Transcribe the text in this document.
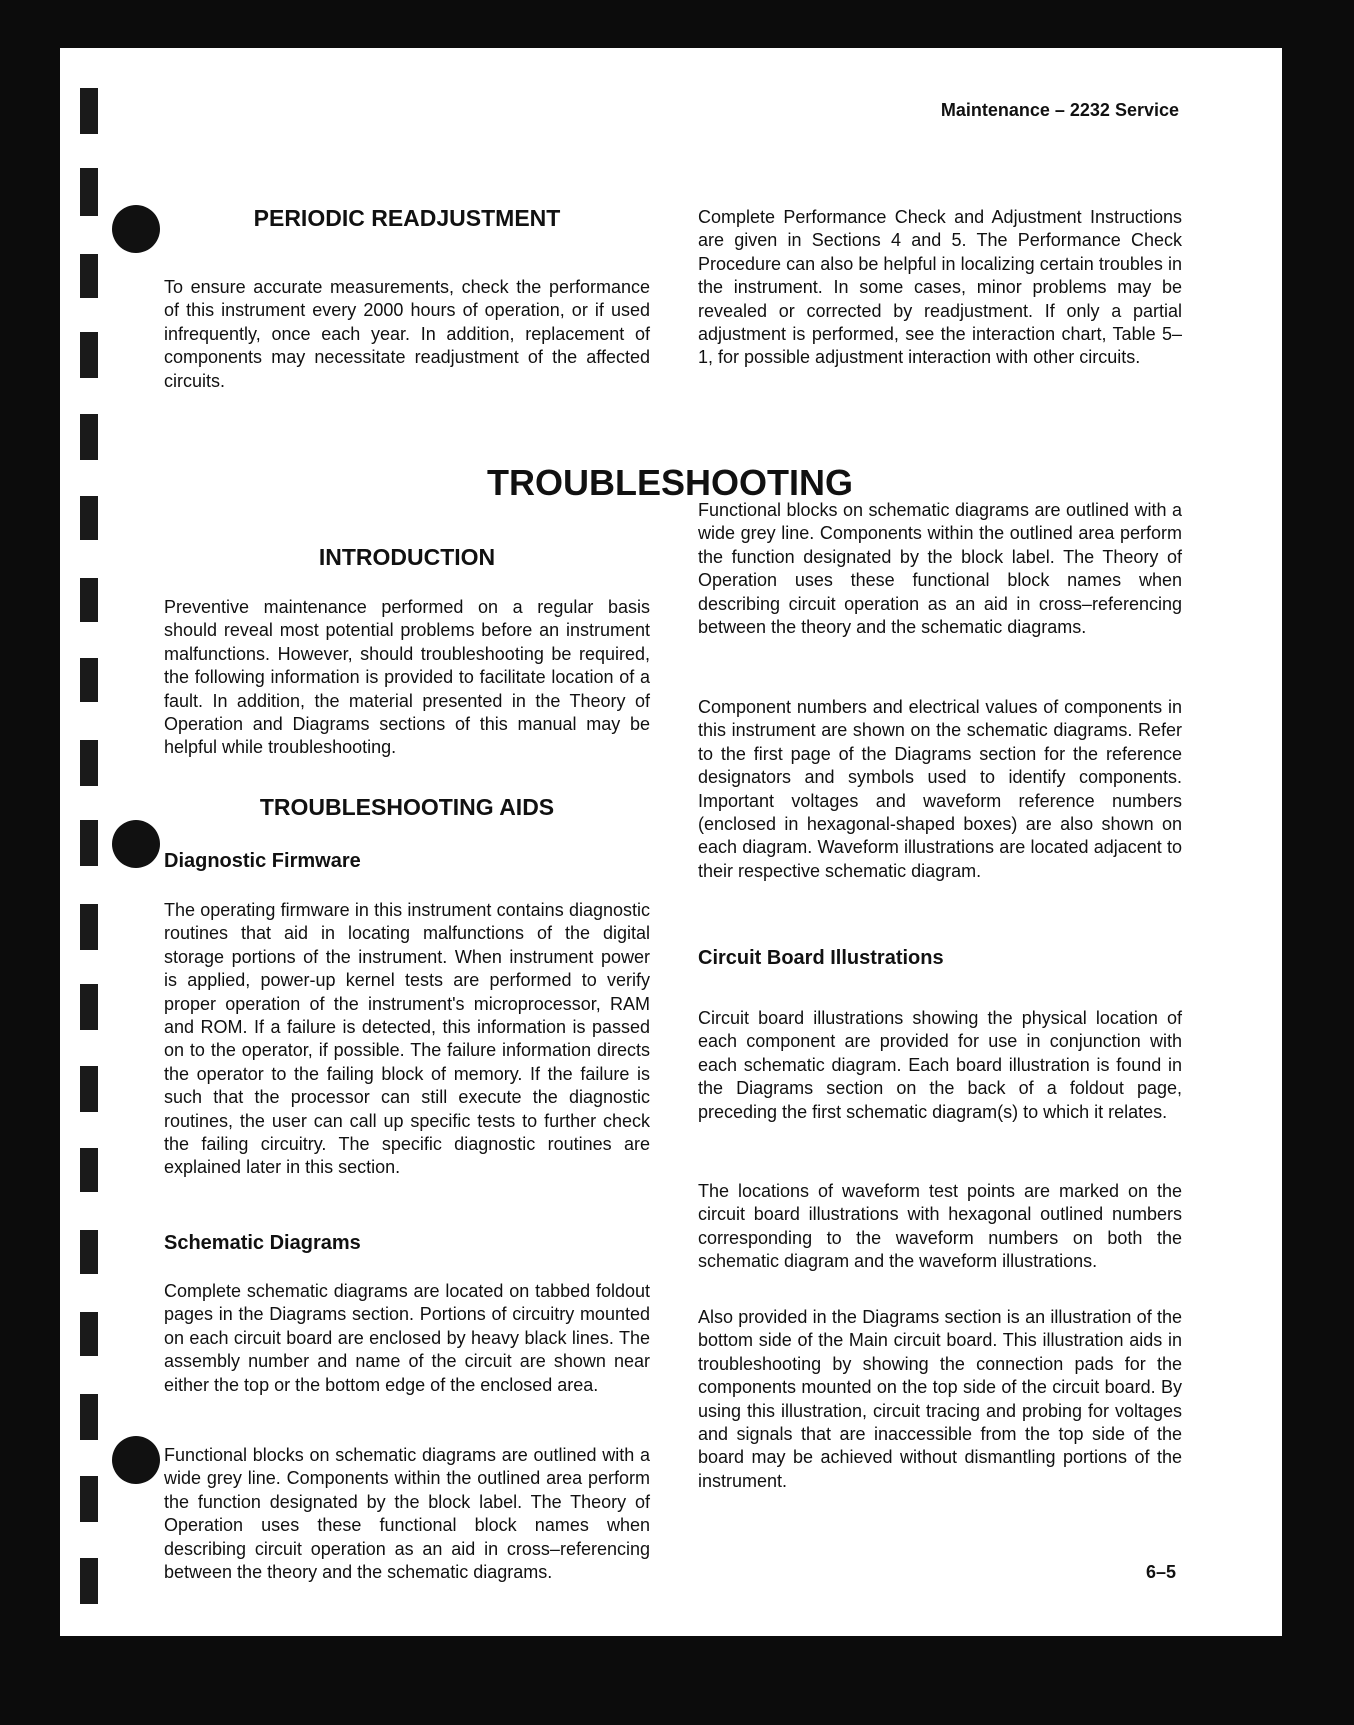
Maintenance – 2232 Service
PERIODIC READJUSTMENT

To ensure accurate measurements, check the performance of this instrument every 2000 hours of operation, or if used infrequently, once each year. In addition, replacement of components may necessitate readjustment of the affected circuits.

Complete Performance Check and Adjustment Instructions are given in Sections 4 and 5. The Performance Check Procedure can also be helpful in localizing certain troubles in the instrument. In some cases, minor problems may be revealed or corrected by readjustment. If only a partial adjustment is performed, see the interaction chart, Table 5–1, for possible adjustment interaction with other circuits.

TROUBLESHOOTING
INTRODUCTION

Preventive maintenance performed on a regular basis should reveal most potential problems before an instrument malfunctions. However, should troubleshooting be required, the following information is provided to facilitate location of a fault. In addition, the material presented in the Theory of Operation and Diagrams sections of this manual may be helpful while troubleshooting.

TROUBLESHOOTING AIDS
Diagnostic Firmware

The operating firmware in this instrument contains diagnostic routines that aid in locating malfunctions of the digital storage portions of the instrument. When instrument power is applied, power-up kernel tests are performed to verify proper operation of the instrument's microprocessor, RAM and ROM. If a failure is detected, this information is passed on to the operator, if possible. The failure information directs the operator to the failing block of memory. If the failure is such that the processor can still execute the diagnostic routines, the user can call up specific tests to further check the failing circuitry. The specific diagnostic routines are explained later in this section.

Schematic Diagrams

Complete schematic diagrams are located on tabbed foldout pages in the Diagrams section. Portions of circuitry mounted on each circuit board are enclosed by heavy black lines. The assembly number and name of the circuit are shown near either the top or the bottom edge of the enclosed area.

Functional blocks on schematic diagrams are outlined with a wide grey line. Components within the outlined area perform the function designated by the block label. The Theory of Operation uses these functional block names when describing circuit operation as an aid in cross–referencing between the theory and the schematic diagrams.

Functional blocks on schematic diagrams are outlined with a wide grey line. Components within the outlined area perform the function designated by the block label. The Theory of Operation uses these functional block names when describing circuit operation as an aid in cross–referencing between the theory and the schematic diagrams.

Component numbers and electrical values of components in this instrument are shown on the schematic diagrams. Refer to the first page of the Diagrams section for the reference designators and symbols used to identify components. Important voltages and waveform reference numbers (enclosed in hexagonal-shaped boxes) are also shown on each diagram. Waveform illustrations are located adjacent to their respective schematic diagram.

Circuit Board Illustrations

Circuit board illustrations showing the physical location of each component are provided for use in conjunction with each schematic diagram. Each board illustration is found in the Diagrams section on the back of a foldout page, preceding the first schematic diagram(s) to which it relates.

The locations of waveform test points are marked on the circuit board illustrations with hexagonal outlined numbers corresponding to the waveform numbers on both the schematic diagram and the waveform illustrations.

Also provided in the Diagrams section is an illustration of the bottom side of the Main circuit board. This illustration aids in troubleshooting by showing the connection pads for the components mounted on the top side of the circuit board. By using this illustration, circuit tracing and probing for voltages and signals that are inaccessible from the top side of the board may be achieved without dismantling portions of the instrument.

6–5
